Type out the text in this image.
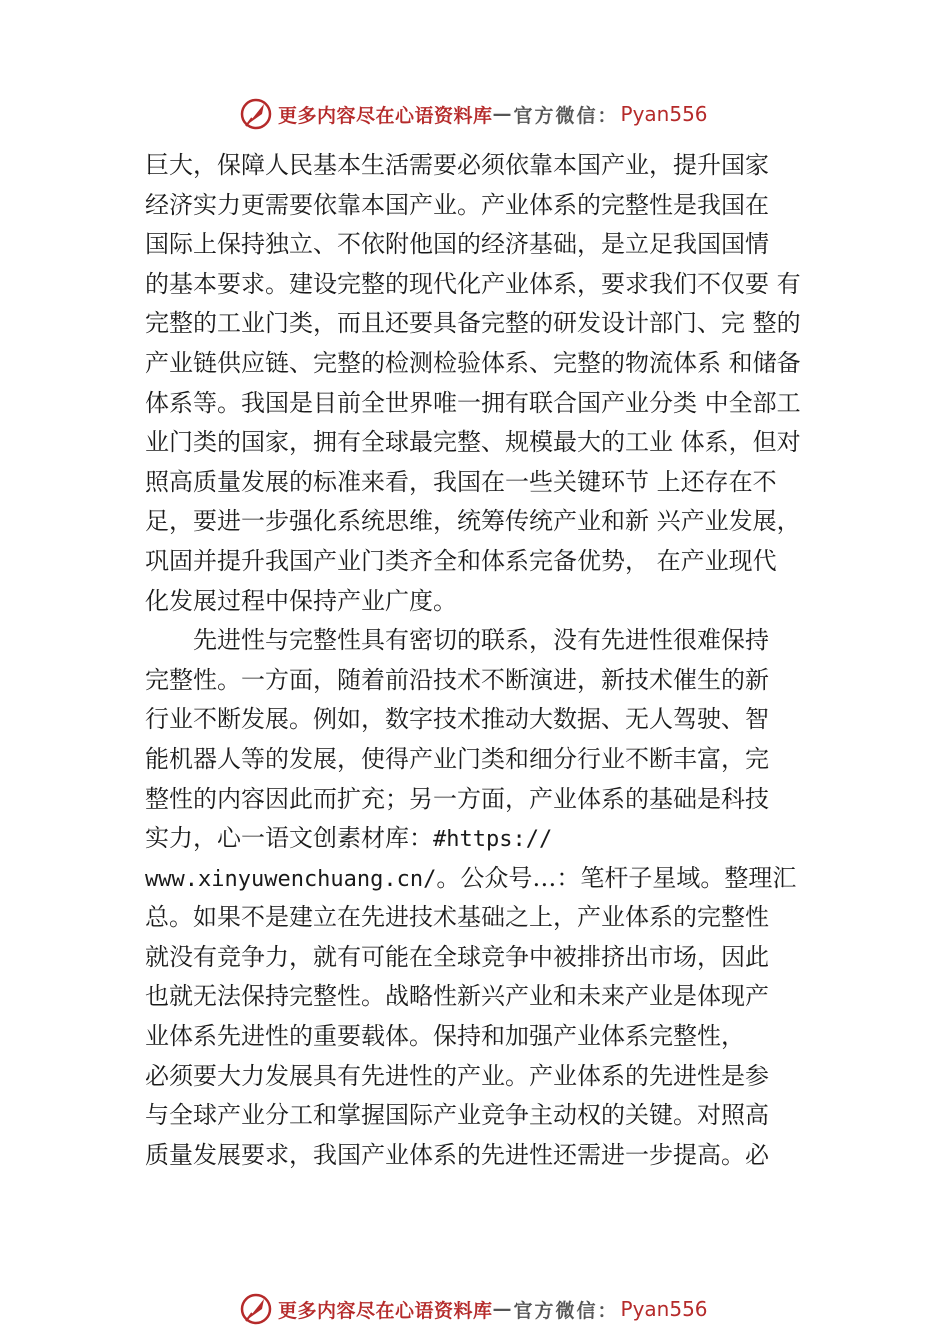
更多内容尽在心语资料库 — 官方微信： Pyan556
巨大，保障人民基本生活需要必须依靠本国产业，提升国家
经济实力更需要依靠本国产业。产业体系的完整性是我国在
国际上保持独立、不依附他国的经济基础，是立足我国国情
的基本要求。建设完整的现代化产业体系，要求我们不仅要 有
完整的工业门类，而且还要具备完整的研发设计部门、完 整的
产业链供应链、完整的检测检验体系、完整的物流体系 和储备
体系等。我国是目前全世界唯一拥有联合国产业分类 中全部工
业门类的国家，拥有全球最完整、规模最大的工业 体系，但对
照高质量发展的标准来看，我国在一些关键环节 上还存在不
足，要进一步强化系统思维，统筹传统产业和新 兴产业发展，
巩固并提升我国产业门类齐全和体系完备优势， 在产业现代
化发展过程中保持产业广度。
先进性与完整性具有密切的联系，没有先进性很难保持
完整性。一方面，随着前沿技术不断演进，新技术催生的新
行业不断发展。例如，数字技术推动大数据、无人驾驶、智
能机器人等的发展，使得产业门类和细分行业不断丰富，完
整性的内容因此而扩充；另一方面，产业体系的基础是科技
实力，心一语文创素材库：#https://
www.xinyuwenchuang.cn/。公众号…：笔杆子星域。整理汇
总。如果不是建立在先进技术基础之上，产业体系的完整性
就没有竞争力，就有可能在全球竞争中被排挤出市场，因此
也就无法保持完整性。战略性新兴产业和未来产业是体现产
业体系先进性的重要载体。保持和加强产业体系完整性，
必须要大力发展具有先进性的产业。产业体系的先进性是参
与全球产业分工和掌握国际产业竞争主动权的关键。对照高
质量发展要求，我国产业体系的先进性还需进一步提高。必
更多内容尽在心语资料库 — 官方微信： Pyan556
